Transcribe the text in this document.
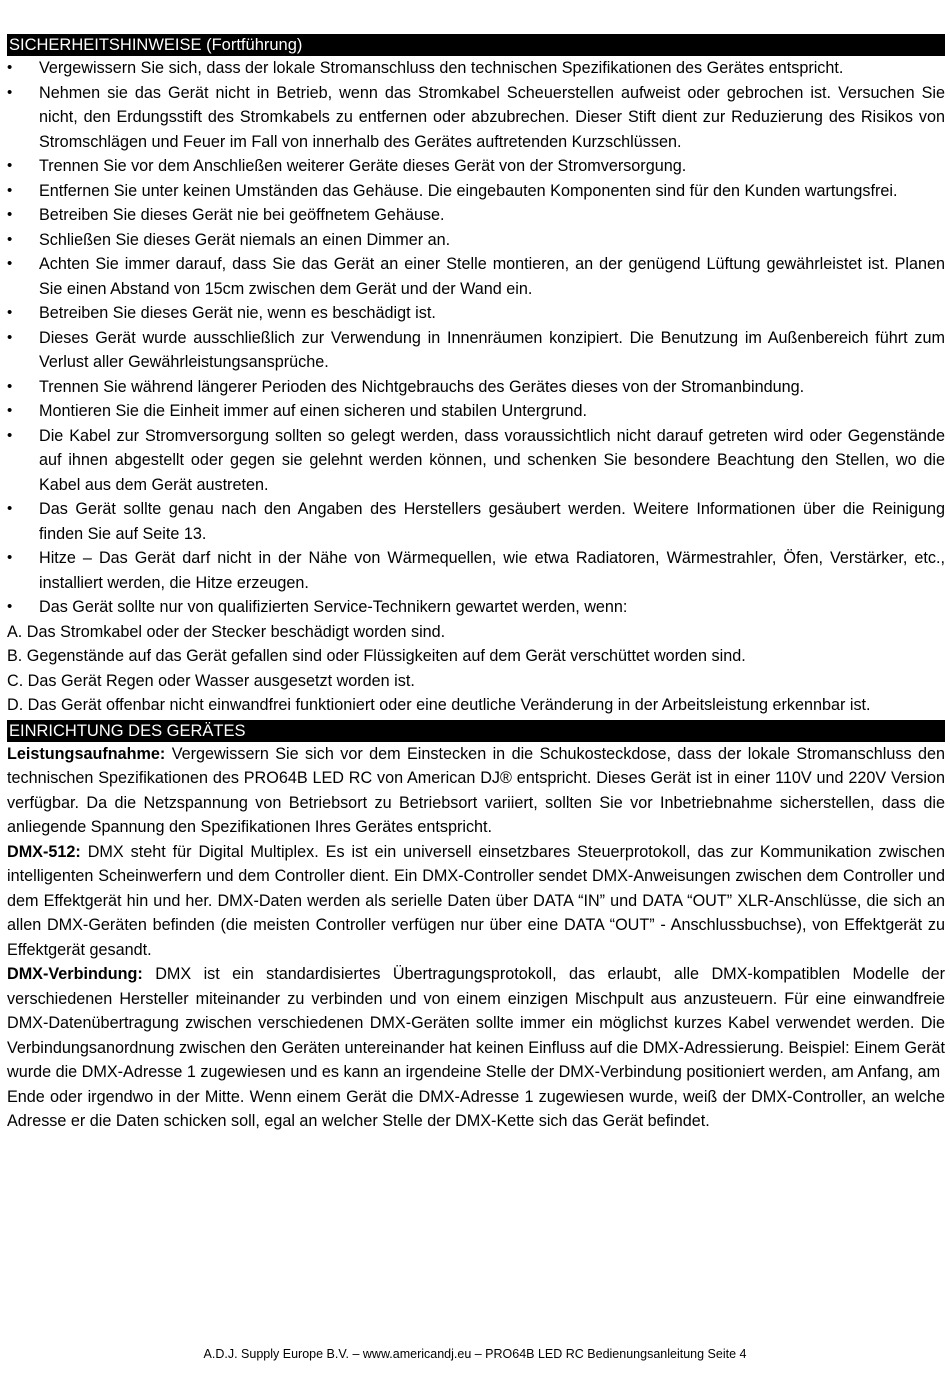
SICHERHEITSHINWEISE (Fortführung)
• Vergewissern Sie sich, dass der lokale Stromanschluss den technischen Spezifikationen des Gerätes entspricht.
• Nehmen sie das Gerät nicht in Betrieb, wenn das Stromkabel Scheuerstellen aufweist oder gebrochen ist. Versuchen Sie nicht, den Erdungsstift des Stromkabels zu entfernen oder abzubrechen. Dieser Stift dient zur Reduzierung des Risikos von Stromschlägen und Feuer im Fall von innerhalb des Gerätes auftretenden Kurzschlüssen.
• Trennen Sie vor dem Anschließen weiterer Geräte dieses Gerät von der Stromversorgung.
• Entfernen Sie unter keinen Umständen das Gehäuse. Die eingebauten Komponenten sind für den Kunden wartungsfrei.
• Betreiben Sie dieses Gerät nie bei geöffnetem Gehäuse.
• Schließen Sie dieses Gerät niemals an einen Dimmer an.
• Achten Sie immer darauf, dass Sie das Gerät an einer Stelle montieren, an der genügend Lüftung gewährleistet ist. Planen Sie einen Abstand von 15cm zwischen dem Gerät und der Wand ein.
• Betreiben Sie dieses Gerät nie, wenn es beschädigt ist.
• Dieses Gerät wurde ausschließlich zur Verwendung in Innenräumen konzipiert. Die Benutzung im Außenbereich führt zum Verlust aller Gewährleistungsansprüche.
• Trennen Sie während längerer Perioden des Nichtgebrauchs des Gerätes dieses von der Stromanbindung.
• Montieren Sie die Einheit immer auf einen sicheren und stabilen Untergrund.
• Die Kabel zur Stromversorgung sollten so gelegt werden, dass voraussichtlich nicht darauf getreten wird oder Gegenstände auf ihnen abgestellt oder gegen sie gelehnt werden können, und schenken Sie besondere Beachtung den Stellen, wo die Kabel aus dem Gerät austreten.
• Das Gerät sollte genau nach den Angaben des Herstellers gesäubert werden. Weitere Informationen über die Reinigung finden Sie auf Seite 13.
• Hitze – Das Gerät darf nicht in der Nähe von Wärmequellen, wie etwa Radiatoren, Wärmestrahler, Öfen, Verstärker, etc., installiert werden, die Hitze erzeugen.
• Das Gerät sollte nur von qualifizierten Service-Technikern gewartet werden, wenn:

A. Das Stromkabel oder der Stecker beschädigt worden sind.

B. Gegenstände auf das Gerät gefallen sind oder Flüssigkeiten auf dem Gerät verschüttet worden sind.

C. Das Gerät Regen oder Wasser ausgesetzt worden ist.

D. Das Gerät offenbar nicht einwandfrei funktioniert oder eine deutliche Veränderung in der Arbeitsleistung erkennbar ist.

EINRICHTUNG DES GERÄTES

Leistungsaufnahme: Vergewissern Sie sich vor dem Einstecken in die Schukosteckdose, dass der lokale Stromanschluss den technischen Spezifikationen des PRO64B LED RC von American DJ® entspricht. Dieses Gerät ist in einer 110V und 220V Version verfügbar. Da die Netzspannung von Betriebsort zu Betriebsort variiert, sollten Sie vor Inbetriebnahme sicherstellen, dass die anliegende Spannung den Spezifikationen Ihres Gerätes entspricht.

DMX-512: DMX steht für Digital Multiplex. Es ist ein universell einsetzbares Steuerprotokoll, das zur Kommunikation zwischen intelligenten Scheinwerfern und dem Controller dient. Ein DMX-Controller sendet DMX-Anweisungen zwischen dem Controller und dem Effektgerät hin und her. DMX-Daten werden als serielle Daten über DATA “IN” und DATA “OUT” XLR-Anschlüsse, die sich an allen DMX-Geräten befinden (die meisten Controller verfügen nur über eine DATA “OUT” - Anschlussbuchse), von Effektgerät zu Effektgerät gesandt.

DMX-Verbindung: DMX ist ein standardisiertes Übertragungsprotokoll, das erlaubt, alle DMX-kompatiblen Modelle der verschiedenen Hersteller miteinander zu verbinden und von einem einzigen Mischpult aus anzusteuern. Für eine einwandfreie DMX-Datenübertragung zwischen verschiedenen DMX-Geräten sollte immer ein möglichst kurzes Kabel verwendet werden. Die Verbindungsanordnung zwischen den Geräten untereinander hat keinen Einfluss auf die DMX-Adressierung. Beispiel: Einem Gerät wurde die DMX-Adresse 1 zugewiesen und es kann an irgendeine Stelle der DMX-Verbindung positioniert werden, am Anfang, am

Ende oder irgendwo in der Mitte. Wenn einem Gerät die DMX-Adresse 1 zugewiesen wurde, weiß der DMX-Controller, an welche Adresse er die Daten schicken soll, egal an welcher Stelle der DMX-Kette sich das Gerät befindet.

A.D.J. Supply Europe B.V. – www.americandj.eu – PRO64B LED RC Bedienungsanleitung Seite 4
